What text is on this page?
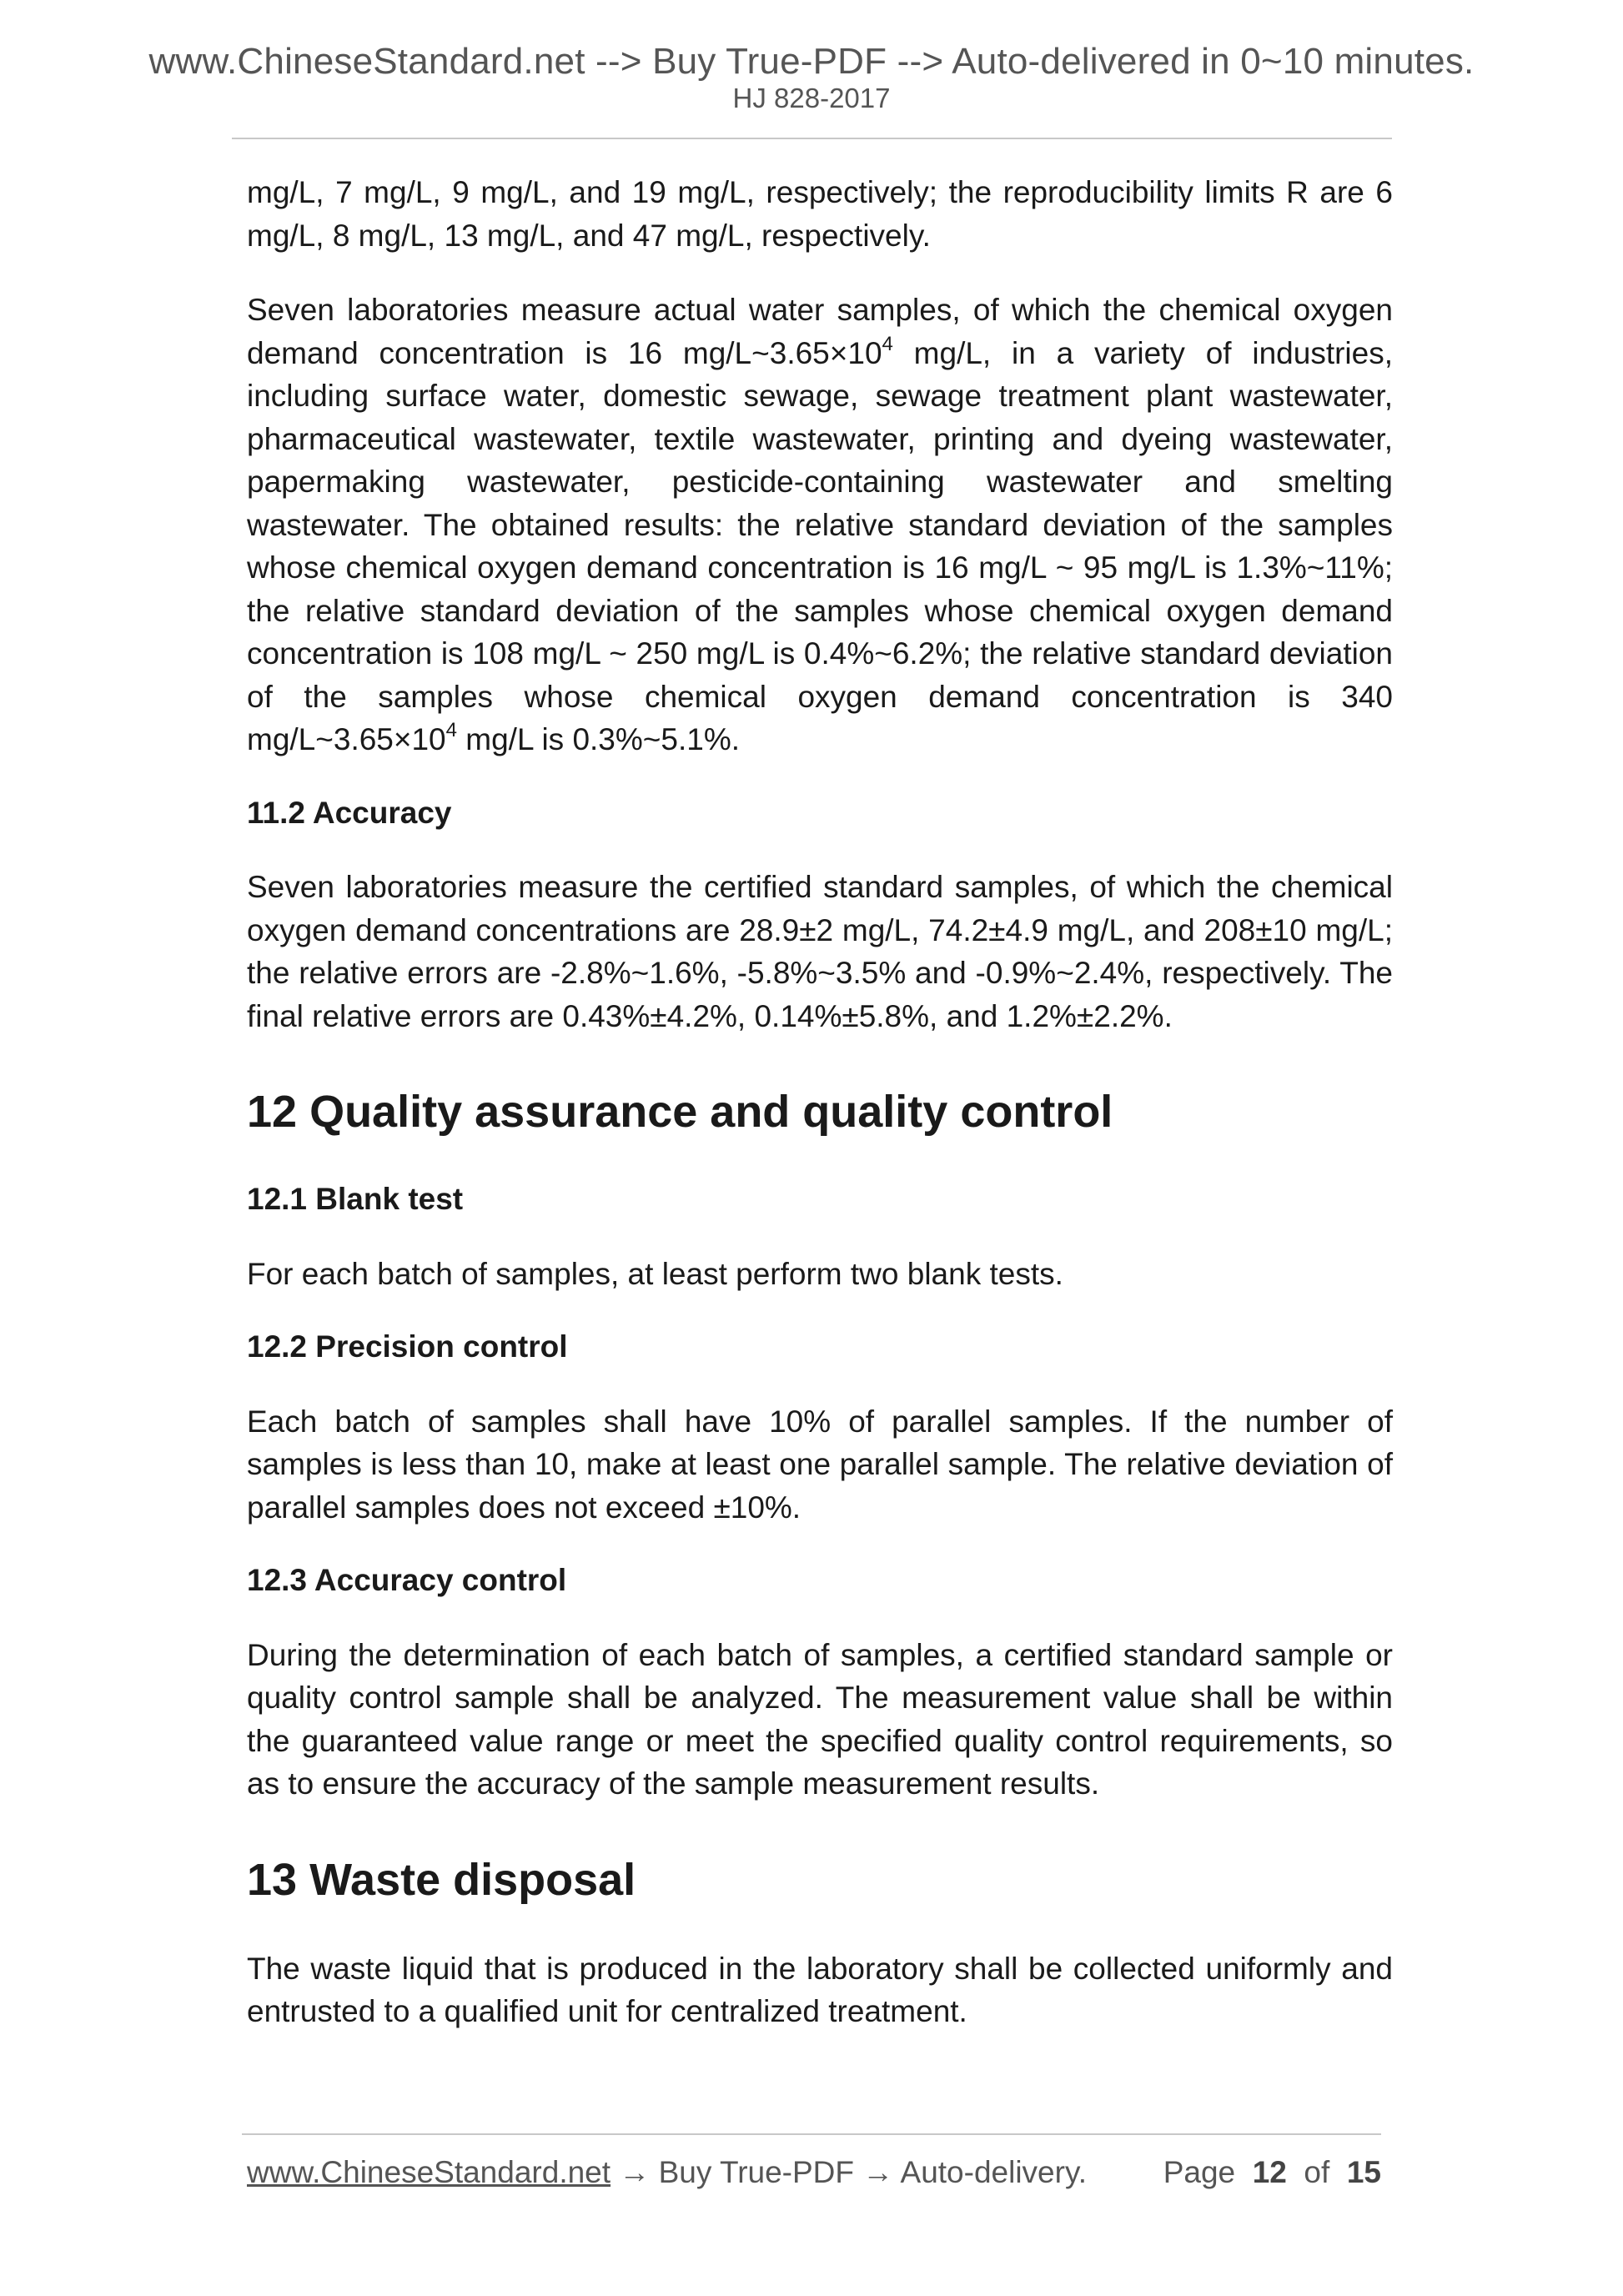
www.ChineseStandard.net --> Buy True-PDF --> Auto-delivered in 0~10 minutes.
HJ 828-2017

mg/L, 7 mg/L, 9 mg/L, and 19 mg/L, respectively; the reproducibility limits R are 6 mg/L, 8 mg/L, 13 mg/L, and 47 mg/L, respectively.

Seven laboratories measure actual water samples, of which the chemical oxygen demand concentration is 16 $mg/L\sim 3.65\times 10^4$ mg/L, in a variety of industries, including surface water, domestic sewage, sewage treatment plant wastewater, pharmaceutical wastewater, textile wastewater, printing and dyeing wastewater, papermaking wastewater, pesticide-containing wastewater and smelting wastewater. The obtained results: the relative standard deviation of the samples whose chemical oxygen demand concentration is 16 mg/L ~ 95 mg/L is 1.3%~11%; the relative standard deviation of the samples whose chemical oxygen demand concentration is 108 mg/L ~ 250 mg/L is 0.4%~6.2%; the relative standard deviation of the samples whose chemical oxygen demand concentration is 340 $mg/L\sim 3.65\times 10^4$ mg/L is 0.3%~5.1%.

11.2 Accuracy

Seven laboratories measure the certified standard samples, of which the chemical oxygen demand concentrations are 28.9±2 mg/L, 74.2±4.9 mg/L, and 208±10 mg/L; the relative errors are -2.8%~1.6%, -5.8%~3.5% and -0.9%~2.4%, respectively. The final relative errors are 0.43%±4.2%, 0.14%±5.8%, and 1.2%±2.2%.

12 Quality assurance and quality control
12.1 Blank test

For each batch of samples, at least perform two blank tests.

12.2 Precision control

Each batch of samples shall have 10% of parallel samples. If the number of samples is less than 10, make at least one parallel sample. The relative deviation of parallel samples does not exceed ±10%.

12.3 Accuracy control

During the determination of each batch of samples, a certified standard sample or quality control sample shall be analyzed. The measurement value shall be within the guaranteed value range or meet the specified quality control requirements, so as to ensure the accuracy of the sample measurement results.

13 Waste disposal

The waste liquid that is produced in the laboratory shall be collected uniformly and entrusted to a qualified unit for centralized treatment.

www.ChineseStandard.net → Buy True-PDF → Auto-delivery. Page 12 of 15
